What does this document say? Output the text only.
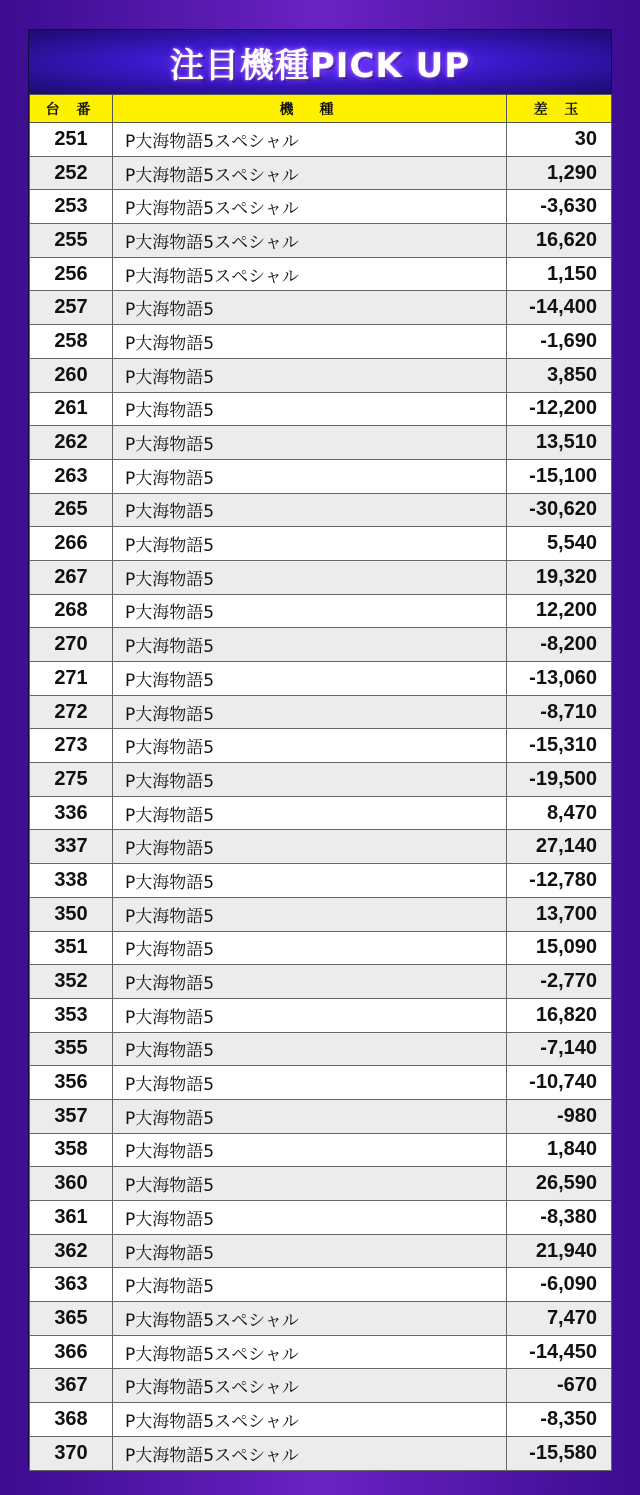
注目機種PICK UP
台 番	機　種	差 玉
251	P大海物語5スペシャル	30
252	P大海物語5スペシャル	1,290
253	P大海物語5スペシャル	-3,630
255	P大海物語5スペシャル	16,620
256	P大海物語5スペシャル	1,150
257	P大海物語5	-14,400
258	P大海物語5	-1,690
260	P大海物語5	3,850
261	P大海物語5	-12,200
262	P大海物語5	13,510
263	P大海物語5	-15,100
265	P大海物語5	-30,620
266	P大海物語5	5,540
267	P大海物語5	19,320
268	P大海物語5	12,200
270	P大海物語5	-8,200
271	P大海物語5	-13,060
272	P大海物語5	-8,710
273	P大海物語5	-15,310
275	P大海物語5	-19,500
336	P大海物語5	8,470
337	P大海物語5	27,140
338	P大海物語5	-12,780
350	P大海物語5	13,700
351	P大海物語5	15,090
352	P大海物語5	-2,770
353	P大海物語5	16,820
355	P大海物語5	-7,140
356	P大海物語5	-10,740
357	P大海物語5	-980
358	P大海物語5	1,840
360	P大海物語5	26,590
361	P大海物語5	-8,380
362	P大海物語5	21,940
363	P大海物語5	-6,090
365	P大海物語5スペシャル	7,470
366	P大海物語5スペシャル	-14,450
367	P大海物語5スペシャル	-670
368	P大海物語5スペシャル	-8,350
370	P大海物語5スペシャル	-15,580
